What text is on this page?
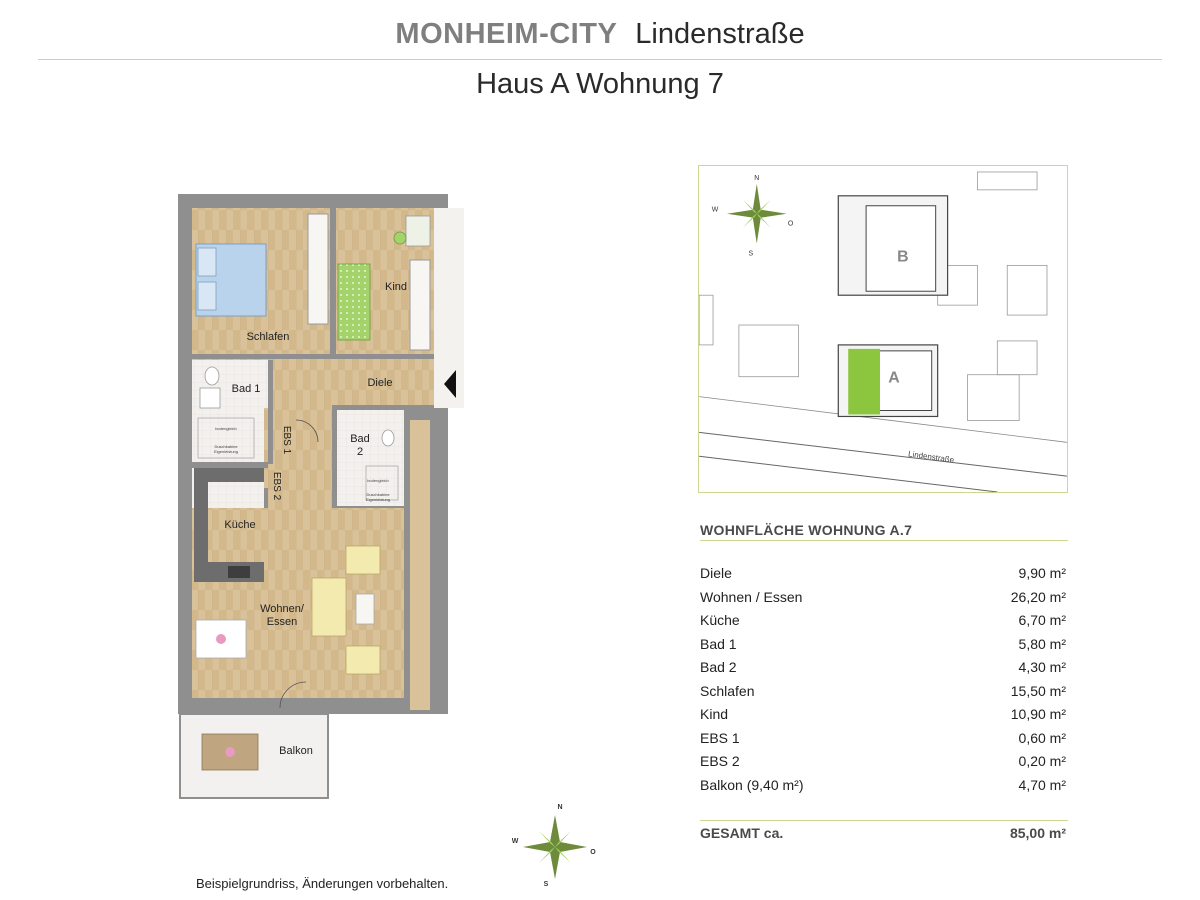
MONHEIM-CITY Lindenstraße
Haus A Wohnung 7
Schlafen
Kind
Diele
Bad 1
Bad
2
EBS 1
EBS 2
Küche
Wohnen/
Essen
Balkon
bodengleich
Duschkabine
Eigenleistung
bodengleich
Duschkabine
Eigenleistung
B
A
Lindenstraße
N
S
W
O
WOHNFLÄCHE WOHNUNG A.7
Diele	9,90 m²
Wohnen / Essen	26,20 m²
Küche	6,70 m²
Bad 1	5,80 m²
Bad 2	4,30 m²
Schlafen	15,50 m²
Kind	10,90 m²
EBS 1	0,60 m²
EBS 2	0,20 m²
Balkon (9,40 m²)	4,70 m²
GESAMT ca.	85,00 m²
N
S
W
O
Beispielgrundriss, Änderungen vorbehalten.
